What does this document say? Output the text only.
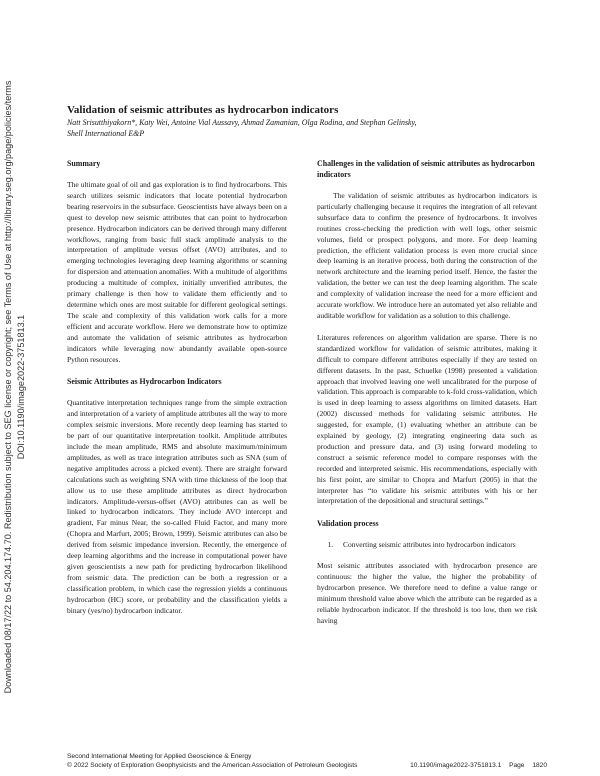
Downloaded 08/17/22 to 54.204.174.70. Redistribution subject to SEG license or copyright; see Terms of Use at http://library.seg.org/page/policies/terms DOI:10.1190/image2022-3751813.1
Validation of seismic attributes as hydrocarbon indicators
Natt Srisutthiyakorn*, Katy Wei, Antoine Vial Aussavy, Ahmad Zamanian, Olga Rodina, and Stephan Gelinsky,
Shell International E&P
Summary

The ultimate goal of oil and gas exploration is to find hydrocarbons. This search utilizes seismic indicators that locate potential hydrocarbon bearing reservoirs in the subsurface. Geoscientists have always been on a quest to develop new seismic attributes that can point to hydrocarbon presence. Hydrocarbon indicators can be derived through many different workflows, ranging from basic full stack amplitude analysis to the interpretation of amplitude versus offset (AVO) attributes, and to emerging technologies leveraging deep learning algorithms or scanning for dispersion and attenuation anomalies. With a multitude of algorithms producing a multitude of complex, initially unverified attributes, the primary challenge is then how to validate them efficiently and to determine which ones are most suitable for different geological settings. The scale and complexity of this validation work calls for a more efficient and accurate workflow. Here we demonstrate how to optimize and automate the validation of seismic attributes as hydrocarbon indicators while leveraging now abundantly available open-source Python resources.

Seismic Attributes as Hydrocarbon Indicators

Quantitative interpretation techniques range from the simple extraction and interpretation of a variety of amplitude attributes all the way to more complex seismic inversions. More recently deep learning has started to be part of our quantitative interpretation toolkit. Amplitude attributes include the mean amplitude, RMS and absolute maximum/minimum amplitudes, as well as trace integration attributes such as SNA (sum of negative amplitudes across a picked event). There are straight forward calculations such as weighting SNA with time thickness of the loop that allow us to use these amplitude attributes as direct hydrocarbon indicators. Amplitude-versus-offset (AVO) attributes can as well be linked to hydrocarbon indicators. They include AVO intercept and gradient, Far minus Near, the so-called Fluid Factor, and many more (Chopra and Marfurt, 2005; Brown, 1999). Seismic attributes can also be derived from seismic impedance inversion. Recently, the emergence of deep learning algorithms and the increase in computational power have given geoscientists a new path for predicting hydrocarbon likelihood from seismic data. The prediction can be both a regression or a classification problem, in which case the regression yields a continuous hydrocarbon (HC) score, or probability and the classification yields a binary (yes/no) hydrocarbon indicator.

Challenges in the validation of seismic attributes as hydrocarbon indicators

The validation of seismic attributes as hydrocarbon indicators is particularly challenging because it requires the integration of all relevant subsurface data to confirm the presence of hydrocarbons. It involves routines cross-checking the prediction with well logs, other seismic volumes, field or prospect polygons, and more. For deep learning prediction, the efficient validation process is even more crucial since deep learning is an iterative process, both during the construction of the network architecture and the learning period itself. Hence, the faster the validation, the better we can test the deep learning algorithm. The scale and complexity of validation increase the need for a more efficient and accurate workflow. We introduce here an automated yet also reliable and auditable workflow for validation as a solution to this challenge.

Literatures references on algorithm validation are sparse. There is no standardized workflow for validation of seismic attributes, making it difficult to compare different attributes especially if they are tested on different datasets. In the past, Schuelke (1998) presented a validation approach that involved leaving one well uncalibrated for the purpose of validation. This approach is comparable to k-fold cross-validation, which is used in deep learning to assess algorithms on limited datasets. Hart (2002) discussed methods for validating seismic attributes. He suggested, for example, (1) evaluating whether an attribute can be explained by geology, (2) integrating engineering data such as production and pressure data, and (3) using forward modeling to construct a seismic reference model to compare responses with the recorded and interpreted seismic. His recommendations, especially with his first point, are similar to Chopra and Marfurt (2005) in that the interpreter has “to validate his seismic attributes with his or her interpretation of the depositional and structural settings.”

Validation process
1. Converting seismic attributes into hydrocarbon indicators

Most seismic attributes associated with hydrocarbon presence are continuous: the higher the value, the higher the probability of hydrocarbon presence. We therefore need to define a value range or minimum threshold value above which the attribute can be regarded as a reliable hydrocarbon indicator. If the threshold is too low, then we risk having

Second International Meeting for Applied Geoscience & Energy
© 2022 Society of Exploration Geophysicists and the American Association of Petroleum Geologists	10.1190/image2022-3751813.1 Page 1820
